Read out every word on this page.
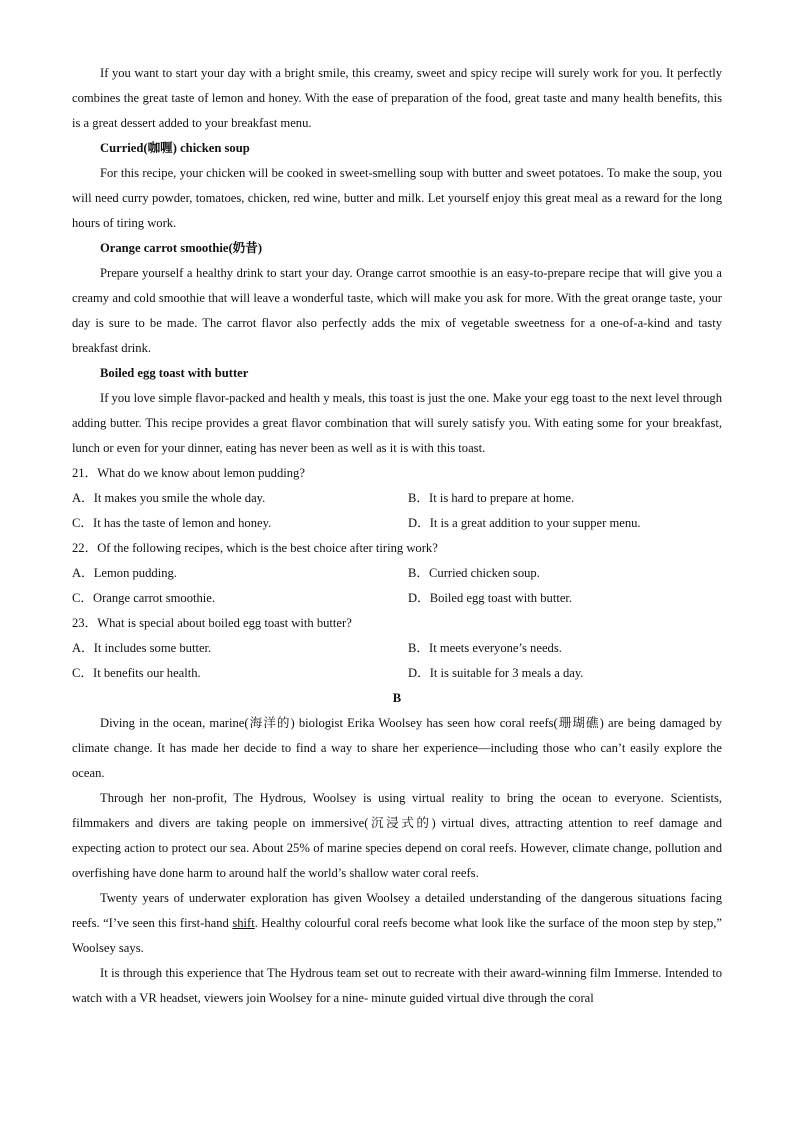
If you want to start your day with a bright smile, this creamy, sweet and spicy recipe will surely work for you. It perfectly combines the great taste of lemon and honey. With the ease of preparation of the food, great taste and many health benefits, this is a great dessert added to your breakfast menu.

Curried(咖喱) chicken soup

For this recipe, your chicken will be cooked in sweet-smelling soup with butter and sweet potatoes. To make the soup, you will need curry powder, tomatoes, chicken, red wine, butter and milk. Let yourself enjoy this great meal as a reward for the long hours of tiring work.

Orange carrot smoothie(奶昔)

Prepare yourself a healthy drink to start your day. Orange carrot smoothie is an easy-to-prepare recipe that will give you a creamy and cold smoothie that will leave a wonderful taste, which will make you ask for more. With the great orange taste, your day is sure to be made. The carrot flavor also perfectly adds the mix of vegetable sweetness for a one-of-a-kind and tasty breakfast drink.

Boiled egg toast with butter

If you love simple flavor-packed and health y meals, this toast is just the one. Make your egg toast to the next level through adding butter. This recipe provides a great flavor combination that will surely satisfy you. With eating some for your breakfast, lunch or even for your dinner, eating has never been as well as it is with this toast.

21．What do we know about lemon pudding?

A．It makes you smile the whole day.	B．It is hard to prepare at home.
C．It has the taste of lemon and honey.	D．It is a great addition to your supper menu.

22．Of the following recipes, which is the best choice after tiring work?

A．Lemon pudding.	B．Curried chicken soup.
C．Orange carrot smoothie.	D．Boiled egg toast with butter.

23．What is special about boiled egg toast with butter?

A．It includes some butter.	B．It meets everyone’s needs.
C．It benefits our health.	D．It is suitable for 3 meals a day.

B

Diving in the ocean, marine(海洋的) biologist Erika Woolsey has seen how coral reefs(珊瑚礁) are being damaged by climate change. It has made her decide to find a way to share her experience—including those who can’t easily explore the ocean.

Through her non-profit, The Hydrous, Woolsey is using virtual reality to bring the ocean to everyone. Scientists, filmmakers and divers are taking people on immersive(沉浸式的) virtual dives, attracting attention to reef damage and expecting action to protect our sea. About 25% of marine species depend on coral reefs. However, climate change, pollution and overfishing have done harm to around half the world’s shallow water coral reefs.

Twenty years of underwater exploration has given Woolsey a detailed understanding of the dangerous situations facing reefs. “I’ve seen this first-hand shift. Healthy colourful coral reefs become what look like the surface of the moon step by step,” Woolsey says.

It is through this experience that The Hydrous team set out to recreate with their award-winning film Immerse. Intended to watch with a VR headset, viewers join Woolsey for a nine- minute guided virtual dive through the coral
